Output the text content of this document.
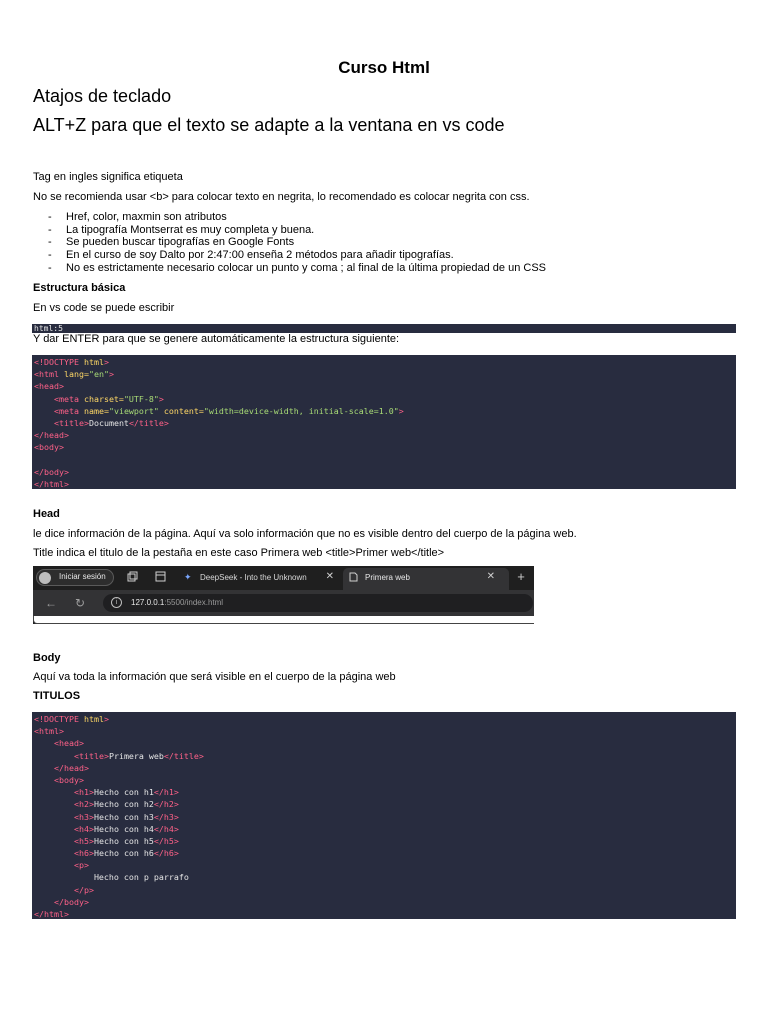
Curso Html
Atajos de teclado
ALT+Z para que el texto se adapte a la ventana en vs code
Tag en ingles significa etiqueta
No se recomienda usar <b> para colocar texto en negrita, lo recomendado es colocar negrita con css.
- Href, color, maxmin son atributos
- La tipografía Montserrat es muy completa y buena.
- Se pueden buscar tipografías en Google Fonts
- En el curso de soy Dalto por 2:47:00 enseña 2 métodos para añadir tipografías.
- No es estrictamente necesario colocar un punto y coma ; al final de la última propiedad de un CSS
Estructura básica
En vs code se puede escribir
html:5
Y dar ENTER para que se genere automáticamente la estructura siguiente:
<!DOCTYPE html>
<html lang="en">
<head>
<meta charset="UTF-8">
<meta name="viewport" content="width=device-width, initial-scale=1.0">
<title>Document</title>
</head>
<body>
</body>
</html>
Head
le dice información de la página. Aquí va solo información que no es visible dentro del cuerpo de la página web.
Title indica el titulo de la pestaña en este caso Primera web <title>Primer web</title>
Iniciar sesión	✦	DeepSeek - Into the Unknown ✕	Primera web	✕ +
← ↻	i	127.0.0.1:5500/index.html
Body
Aquí va toda la información que será visible en el cuerpo de la página web
TITULOS
<!DOCTYPE html>
<html>
<head>
<title>Primera web</title>
</head>
<body>
<h1>Hecho con h1</h1>
<h2>Hecho con h2</h2>
<h3>Hecho con h3</h3>
<h4>Hecho con h4</h4>
<h5>Hecho con h5</h5>
<h6>Hecho con h6</h6>
<p>
Hecho con p parrafo
</p>
</body>
</html>
